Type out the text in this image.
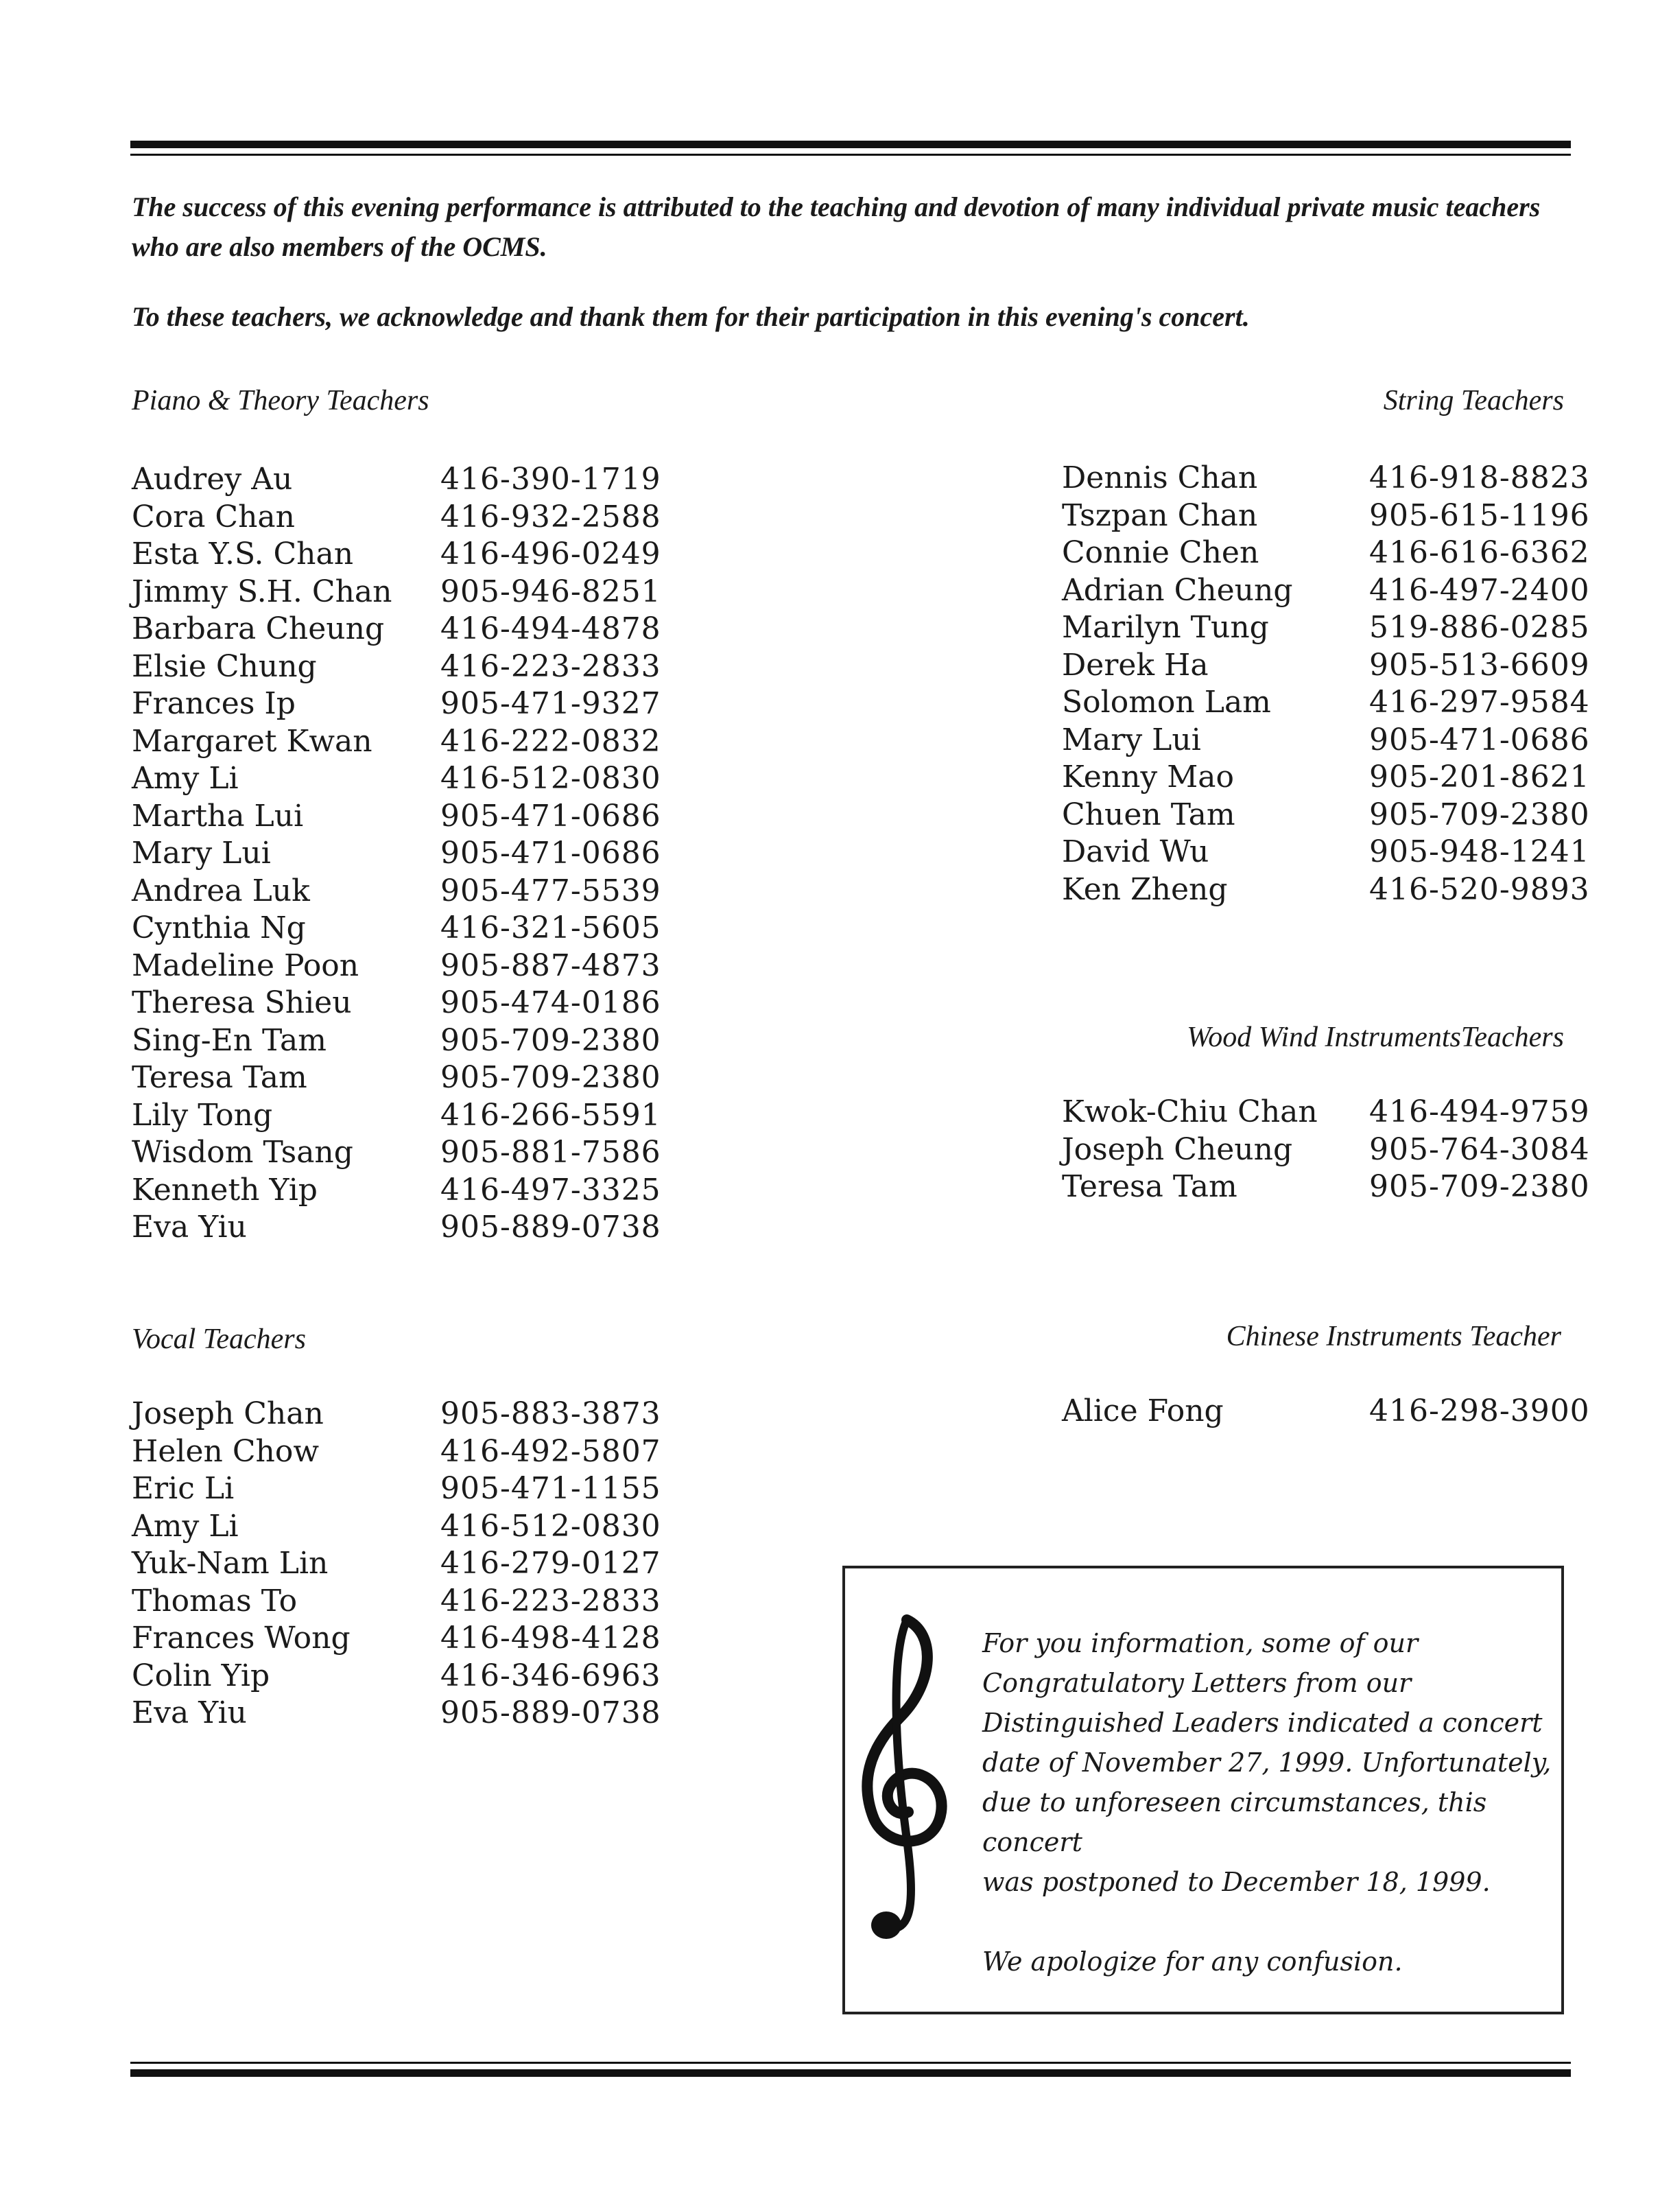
The success of this evening performance is attributed to the teaching and devotion of many individual private music teachers who are also members of the OCMS.

To these teachers, we acknowledge and thank them for their participation in this evening's concert.

Piano & Theory Teachers
Audrey Au	416-390-1719
Cora Chan	416-932-2588
Esta Y.S. Chan	416-496-0249
Jimmy S.H. Chan 905-946-8251
Barbara Cheung 416-494-4878
Elsie Chung	416-223-2833
Frances Ip	905-471-9327
Margaret Kwan 416-222-0832
Amy Li	416-512-0830
Martha Lui	905-471-0686
Mary Lui	905-471-0686
Andrea Luk	905-477-5539
Cynthia Ng	416-321-5605
Madeline Poon	905-887-4873
Theresa Shieu	905-474-0186
Sing-En Tam	905-709-2380
Teresa Tam	905-709-2380
Lily Tong	416-266-5591
Wisdom Tsang	905-881-7586
Kenneth Yip	416-497-3325
Eva Yiu	905-889-0738
String Teachers
Dennis Chan	416-918-8823
Tszpan Chan	905-615-1196
Connie Chen	416-616-6362
Adrian Cheung	416-497-2400
Marilyn Tung	519-886-0285
Derek Ha	905-513-6609
Solomon Lam	416-297-9584
Mary Lui	905-471-0686
Kenny Mao	905-201-8621
Chuen Tam	905-709-2380
David Wu	905-948-1241
Ken Zheng	416-520-9893
Wood Wind InstrumentsTeachers
Kwok-Chiu Chan 416-494-9759
Joseph Cheung	905-764-3084
Teresa Tam	905-709-2380
Vocal Teachers
Joseph Chan	905-883-3873
Helen Chow	416-492-5807
Eric Li	905-471-1155
Amy Li	416-512-0830
Yuk-Nam Lin	416-279-0127
Thomas To	416-223-2833
Frances Wong	416-498-4128
Colin Yip	416-346-6963
Eva Yiu	905-889-0738
Chinese Instruments Teacher
Alice Fong	416-298-3900

For you information, some of our

Congratulatory Letters from our

Distinguished Leaders indicated a concert

date of November 27, 1999. Unfortunately,

due to unforeseen circumstances, this concert

was postponed to December 18, 1999.

We apologize for any confusion.
